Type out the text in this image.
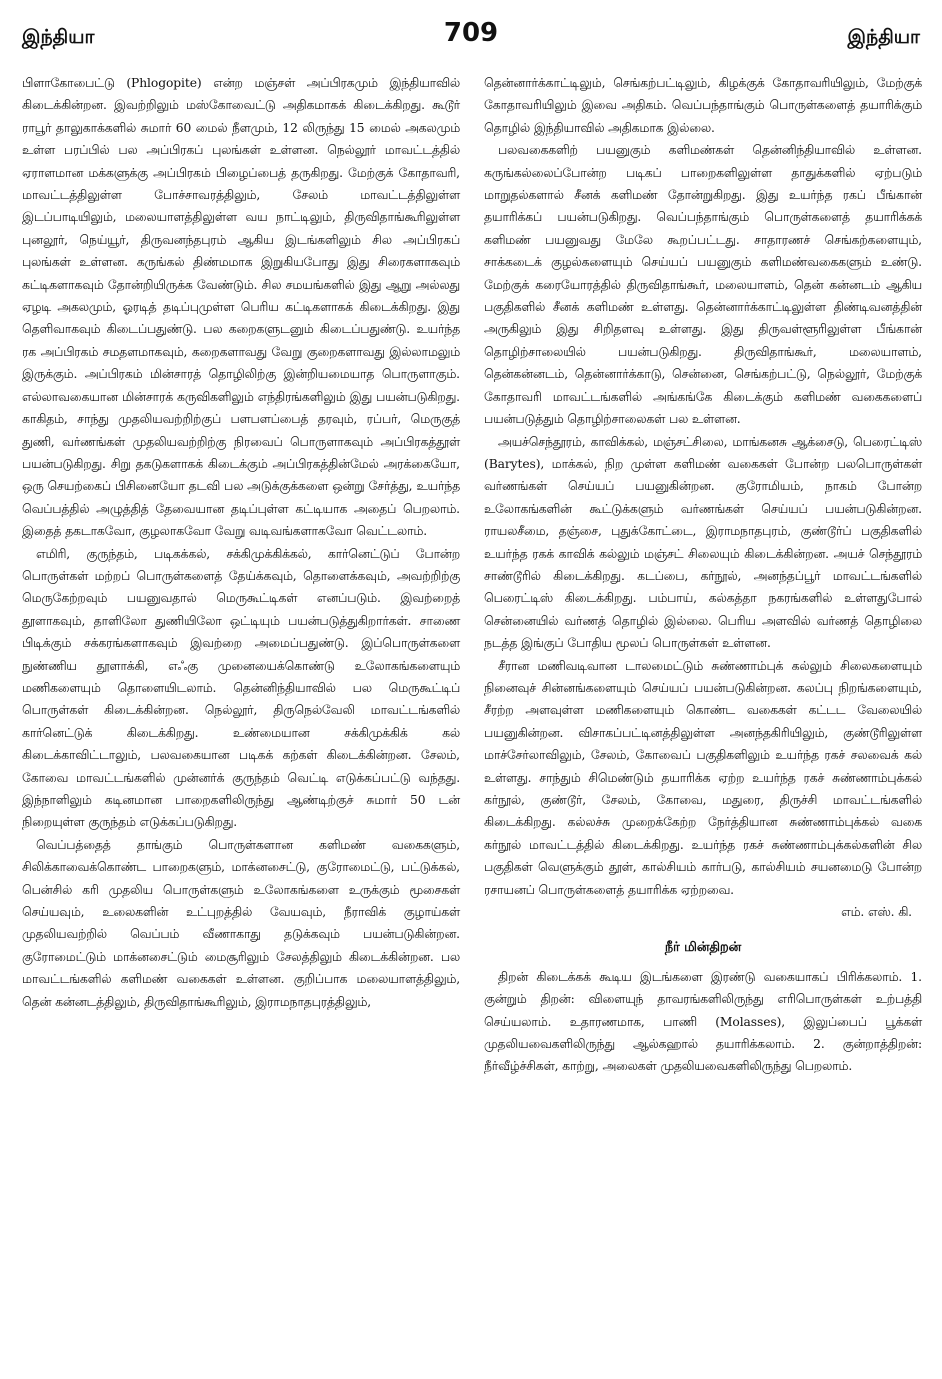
இந்தியா	709	இந்தியா

பிளாகோபைட்டு (Phlogopite) என்ற மஞ்சள் அப்பிரகமும் இந்தியாவில் கிடைக்கின்றன. இவற்றிலும் மஸ்கோவைட்டு அதிகமாகக் கிடைக்கிறது. கூடூர் ராபூர் தாலுகாக்களில் சுமார் 60 மைல் நீளமும், 12 லிருந்து 15 மைல் அகலமும் உள்ள பரப்பில் பல அப்பிரகப் புலங்கள் உள்ளன. நெல்லூர் மாவட்டத்தில் ஏராளமான மக்களுக்கு அப்பிரகம் பிழைப்பைத் தருகிறது. மேற்குக் கோதாவரி, மாவட்டத்திலுள்ள போச்சாவரத்திலும், சேலம் மாவட்டத்திலுள்ள இடப்பாடியிலும், மலையாளத்திலுள்ள வய நாட்டிலும், திருவிதாங்கூரிலுள்ள புனலூர், நெய்யூர், திருவனந்தபுரம் ஆகிய இடங்களிலும் சில அப்பிரகப் புலங்கள் உள்ளன. கருங்கல் திண்மமாக இறுகியபோது இது சிரைகளாகவும் கட்டிகளாகவும் தோன்றியிருக்க வேண்டும். சில சமயங்களில் இது ஆறு அல்லது ஏழடி அகலமும், ஓரடித் தடிப்புமுள்ள பெரிய கட்டிகளாகக் கிடைக்கிறது. இது தெளிவாகவும் கிடைப்பதுண்டு. பல கறைகளுடனும் கிடைப்பதுண்டு. உயர்ந்த ரக அப்பிரகம் சமதளமாகவும், கறைகளாவது வேறு குறைகளாவது இல்லாமலும் இருக்கும். அப்பிரகம் மின்சாரத் தொழிலிற்கு இன்றியமையாத பொருளாகும். எல்லாவகையான மின்சாரக் கருவிகளிலும் எந்திரங்களிலும் இது பயன்படுகிறது. காகிதம், சாந்து முதலியவற்றிற்குப் பளபளப்பைத் தரவும், ரப்பர், மெருகுத் துணி, வர்ணங்கள் முதலியவற்றிற்கு நிரவைப் பொருளாகவும் அப்பிரகத்தூள் பயன்படுகிறது. சிறு தகடுகளாகக் கிடைக்கும் அப்பிரகத்தின்மேல் அரக்கையோ, ஒரு செயற்கைப் பிசினையோ தடவி பல அடுக்குக்களை ஒன்று சேர்த்து, உயர்ந்த வெப்பத்தில் அழுத்தித் தேவையான தடிப்புள்ள கட்டியாக அதைப் பெறலாம். இதைத் தகடாகவோ, குழலாகவோ வேறு வடிவங்களாகவோ வெட்டலாம்.

எமிரி, குருந்தம், படிகக்கல், சக்கிமுக்கிக்கல், கார்னெட்டுப் போன்ற பொருள்கள் மற்றப் பொருள்களைத் தேய்க்கவும், தொளைக்கவும், அவற்றிற்கு மெருகேற்றவும் பயனுவதால் மெருகூட்டிகள் எனப்படும். இவற்றைத் தூளாகவும், தாளிலோ துணியிலோ ஒட்டியும் பயன்படுத்துகிறார்கள். சாணை பிடிக்கும் சக்கரங்களாகவும் இவற்றை அமைப்பதுண்டு. இப்பொருள்களை நுண்ணிய தூளாக்கி, எஃகு முனையைக்கொண்டு உலோகங்களையும் மணிகளையும் தொளையிடலாம். தென்னிந்தியாவில் பல மெருகூட்டிப் பொருள்கள் கிடைக்கின்றன. நெல்லூர், திருநெல்வேலி மாவட்டங்களில் கார்னெட்டுக் கிடைக்கிறது. உண்மையான சக்கிமுக்கிக் கல் கிடைக்காவிட்டாலும், பலவகையான படிகக் கற்கள் கிடைக்கின்றன. சேலம், கோவை மாவட்டங்களில் முன்னர்க் குருந்தம் வெட்டி எடுக்கப்பட்டு வந்தது. இந்நாளிலும் கடினமான பாறைகளிலிருந்து ஆண்டிற்குச் சுமார் 50 டன் நிறையுள்ள குருந்தம் எடுக்கப்படுகிறது.

வெப்பத்தைத் தாங்கும் பொருள்களான களிமண் வகைகளும், சிலிக்காவைக்கொண்ட பாறைகளும், மாக்னசைட்டு, குரோமைட்டு, பட்டுக்கல், பென்சில் கரி முதலிய பொருள்களும் உலோகங்களை உருக்கும் மூசைகள் செய்யவும், உலைகளின் உட்புறத்தில் வேயவும், நீராவிக் குழாய்கள் முதலியவற்றில் வெப்பம் வீணாகாது தடுக்கவும் பயன்படுகின்றன. குரோமைட்டும் மாக்னசைட்டும் மைசூரிலும் சேலத்திலும் கிடைக்கின்றன. பல மாவட்டங்களில் களிமண் வகைகள் உள்ளன. குறிப்பாக மலையாளத்திலும், தென் கன்னடத்திலும், திருவிதாங்கூரிலும், இராமநாதபுரத்திலும்,

தென்னார்க்காட்டிலும், செங்கற்பட்டிலும், கிழக்குக் கோதாவரியிலும், மேற்குக் கோதாவரியிலும் இவை அதிகம். வெப்பந்தாங்கும் பொருள்களைத் தயாரிக்கும் தொழில் இந்தியாவில் அதிகமாக இல்லை.

பலவகைகளிற் பயனுகும் களிமண்கள் தென்னிந்தியாவில் உள்ளன. கருங்கல்லைப்போன்ற படிகப் பாறைகளிலுள்ள தாதுக்களில் ஏற்படும் மாறுதல்களால் சீனக் களிமண் தோன்றுகிறது. இது உயர்ந்த ரகப் பீங்கான் தயாரிக்கப் பயன்படுகிறது. வெப்பந்தாங்கும் பொருள்களைத் தயாரிக்கக் களிமண் பயனுவது மேலே கூறப்பட்டது. சாதாரணச் செங்கற்களையும், சாக்கடைக் குழல்களையும் செய்யப் பயனுகும் களிமண்வகைகளும் உண்டு. மேற்குக் கரையோரத்தில் திருவிதாங்கூர், மலையாளம், தென் கன்னடம் ஆகிய பகுதிகளில் சீனக் களிமண் உள்ளது. தென்னார்க்காட்டிலுள்ள திண்டிவனத்தின் அருகிலும் இது சிறிதளவு உள்ளது. இது திருவள்ளூரிலுள்ள பீங்கான் தொழிற்சாலையில் பயன்படுகிறது. திருவிதாங்கூர், மலையாளம், தென்கன்னடம், தென்னார்க்காடு, சென்னை, செங்கற்பட்டு, நெல்லூர், மேற்குக் கோதாவரி மாவட்டங்களில் அங்கங்கே கிடைக்கும் களிமண் வகைகளைப் பயன்படுத்தும் தொழிற்சாலைகள் பல உள்ளன.

அயச்செந்தூரம், காவிக்கல், மஞ்சட்சிலை, மாங்கனசு ஆக்சைடு, பெரைட்டிஸ் (Barytes), மாக்கல், நிற முள்ள களிமண் வகைகள் போன்ற பலபொருள்கள் வர்ணங்கள் செய்யப் பயனுகின்றன. குரோமியம், நாகம் போன்ற உலோகங்களின் கூட்டுக்களும் வர்ணங்கள் செய்யப் பயன்படுகின்றன. ராயலசீமை, தஞ்சை, புதுக்கோட்டை, இராமநாதபுரம், குண்டூர்ப் பகுதிகளில் உயர்ந்த ரகக் காவிக் கல்லும் மஞ்சட் சிலையும் கிடைக்கின்றன. அயச் செந்தூரம் சாண்டூரில் கிடைக்கிறது. கடப்பை, கர்நூல், அனந்தப்பூர் மாவட்டங்களில் பெரைட்டிஸ் கிடைக்கிறது. பம்பாய், கல்கத்தா நகரங்களில் உள்ளதுபோல் சென்னையில் வர்ணத் தொழில் இல்லை. பெரிய அளவில் வர்ணத் தொழிலை நடத்த இங்குப் போதிய மூலப் பொருள்கள் உள்ளன.

சீரான மணிவடிவான டாலமைட்டும் சுண்ணாம்புக் கல்லும் சிலைகளையும் நினைவுச் சின்னங்களையும் செய்யப் பயன்படுகின்றன. கலப்பு நிறங்களையும், சீரற்ற அளவுள்ள மணிகளையும் கொண்ட வகைகள் கட்டட வேலையில் பயனுகின்றன. விசாகப்பட்டினத்திலுள்ள அனந்தகிரியிலும், குண்டூரிலுள்ள மாச்சேர்லாவிலும், சேலம், கோவைப் பகுதிகளிலும் உயர்ந்த ரகச் சலவைக் கல் உள்ளது. சாந்தும் சிமெண்டும் தயாரிக்க ஏற்ற உயர்ந்த ரகச் சுண்ணாம்புக்கல் கர்நூல், குண்டூர், சேலம், கோவை, மதுரை, திருச்சி மாவட்டங்களில் கிடைக்கிறது. கல்லச்சு முறைக்கேற்ற நேர்த்தியான சுண்ணாம்புக்கல் வகை கர்நூல் மாவட்டத்தில் கிடைக்கிறது. உயர்ந்த ரகச் சுண்ணாம்புக்கல்களின் சில பகுதிகள் வெளுக்கும் தூள், கால்சியம் கார்படு, கால்சியம் சயனமைடு போன்ற ரசாயனப் பொருள்களைத் தயாரிக்க ஏற்றவை.

எம். எஸ். கி.
நீர் மின்திறன்

திறன் கிடைக்கக் கூடிய இடங்களை இரண்டு வகையாகப் பிரிக்கலாம். 1. குன்றும் திறன்: விளையுந் தாவரங்களிலிருந்து எரிபொருள்கள் உற்பத்தி செய்யலாம். உதாரணமாக, பாணி (Molasses), இலுப்பைப் பூக்கள் முதலியவைகளிலிருந்து ஆல்கஹால் தயாரிக்கலாம். 2. குன்றாத்திறன்: நீர்வீழ்ச்சிகள், காற்று, அலைகள் முதலியவைகளிலிருந்து பெறலாம்.
